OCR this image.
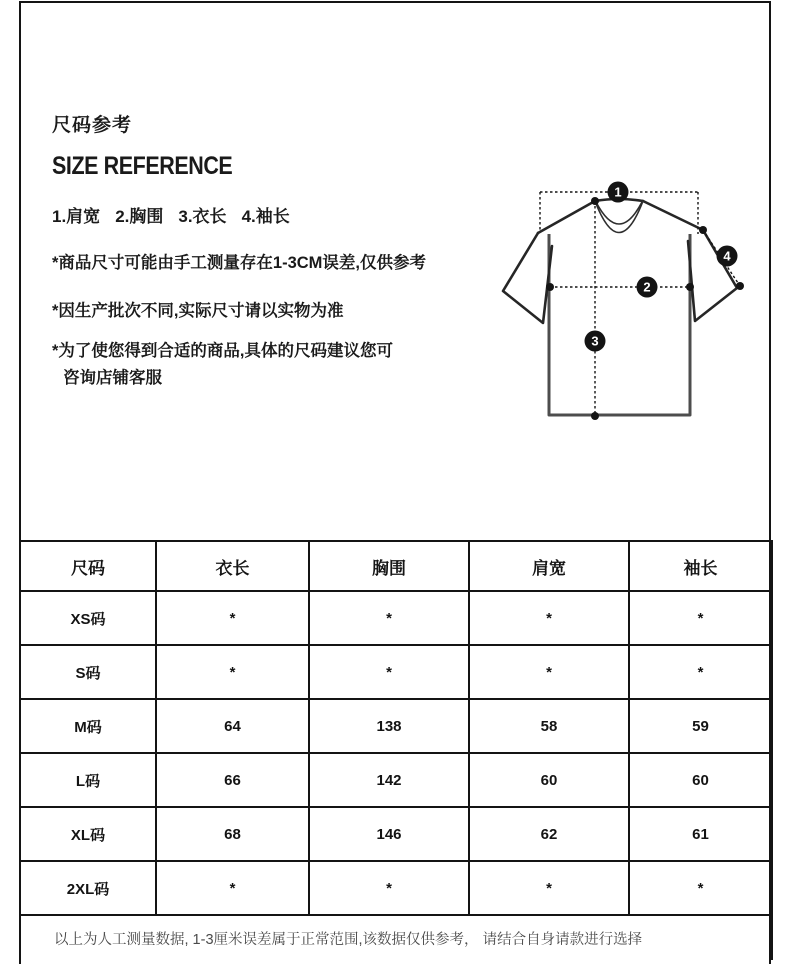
尺码参考
SIZE REFERENCE
1.肩宽 2.胸围 3.衣长 4.袖长
*商品尺寸可能由手工测量存在1-3CM误差,仅供参考
*因生产批次不同,实际尺寸请以实物为准
*为了使您得到合适的商品,具体的尺码建议您可
咨询店铺客服
1
2
3
4
尺码	衣长	胸围	肩宽	袖长
XS码	*	*	*	*
S码	*	*	*	*
M码	64	138	58	59
L码	66	142	60	60
XL码	68	146	62	61
2XL码	*	*	*	*
以上为人工测量数据, 1-3厘米误差属于正常范围,该数据仅供参考， 请结合自身请款进行选择				
